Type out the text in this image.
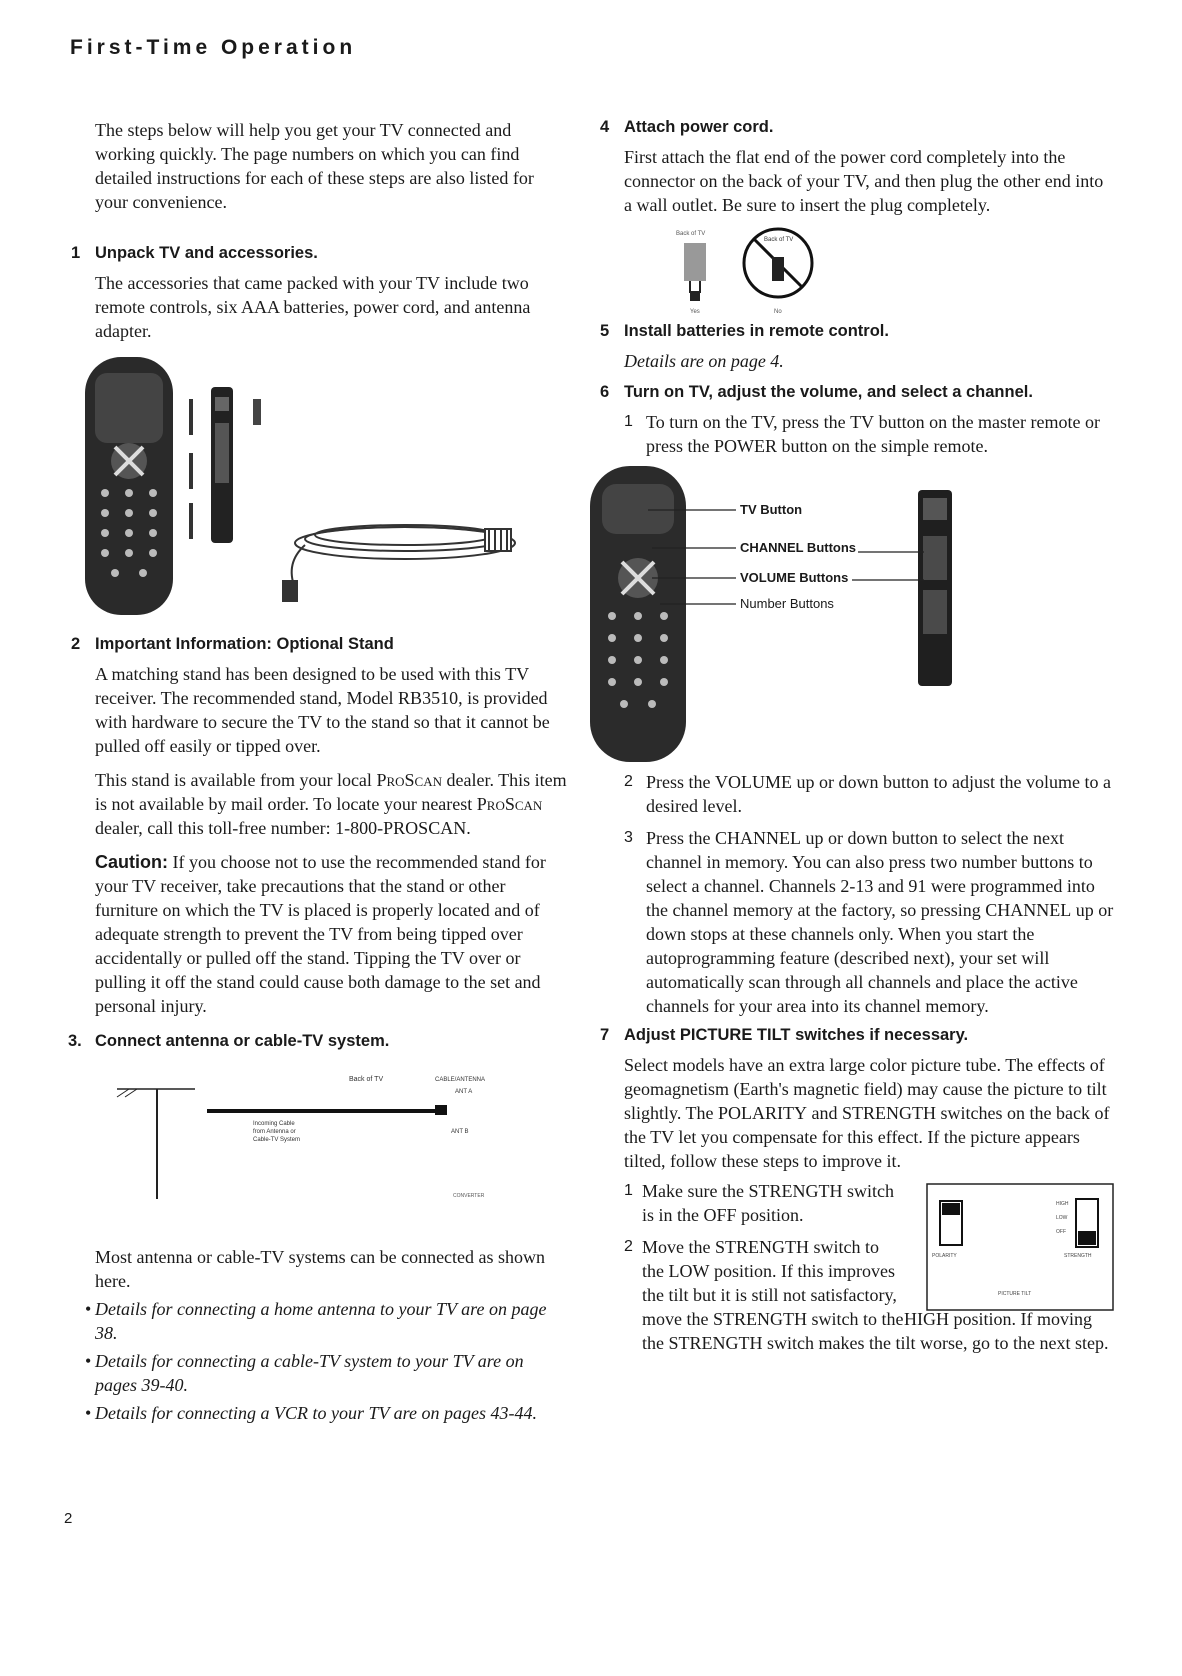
First-Time Operation

The steps below will help you get your TV connected and working quickly. The page numbers on which you can find detailed instructions for each of these steps are also listed for your convenience.

1 Unpack TV and accessories.

The accessories that came packed with your TV include two remote controls, six AAA batteries, power cord, and antenna adapter.

2 Important Information: Optional Stand

A matching stand has been designed to be used with this TV receiver. The recommended stand, Model RB3510, is provided with hardware to secure the TV to the stand so that it cannot be pulled off easily or tipped over.

This stand is available from your local ProScan dealer. This item is not available by mail order. To locate your nearest ProScan dealer, call this toll-free number: 1-800-PROSCAN.

Caution: If you choose not to use the recommended stand for your TV receiver, take precautions that the stand or other furniture on which the TV is placed is properly located and of adequate strength to prevent the TV from being tipped over accidentally or pulled off the stand. Tipping the TV over or pulling it off the stand could cause both damage to the set and personal injury.

3. Connect antenna or cable-TV system.
Back of TV	CABLE/ANTENNA
ANT A
ANT B
Incoming Cable
from Antenna or
Cable-TV System
CONVERTER

Most antenna or cable-TV systems can be connected as shown here.

• Details for connecting a home antenna to your TV are on page 38.
• Details for connecting a cable-TV system to your TV are on pages 39-40.
• Details for connecting a VCR to your TV are on pages 43-44.
4 Attach power cord.

First attach the flat end of the power cord completely into the connector on the back of your TV, and then plug the other end into a wall outlet. Be sure to insert the plug completely.

Back of TV
Yes
Back of TV
No
5 Install batteries in remote control.

Details are on page 4.

6 Turn on TV, adjust the volume, and select a channel.
1 To turn on the TV, press the TV button on the master remote or press the POWER button on the simple remote.
TV Button
CHANNEL Buttons
VOLUME Buttons
Number Buttons
2 Press the VOLUME up or down button to adjust the volume to a desired level.
3 Press the CHANNEL up or down button to select the next channel in memory. You can also press two number buttons to select a channel. Channels 2-13 and 91 were programmed into the channel memory at the factory, so pressing CHANNEL up or down stops at these channels only. When you start the autoprogramming feature (described next), your set will automatically scan through all channels and place the active channels for your area into its channel memory.
7 Adjust PICTURE TILT switches if necessary.

Select models have an extra large color picture tube. The effects of geomagnetism (Earth's magnetic field) may cause the picture to tilt slightly. The POLARITY and STRENGTH switches on the back of the TV let you compensate for this effect. If the picture appears tilted, follow these steps to improve it.

HIGH
LOW
OFF
POLARITY	STRENGTH
PICTURE TILT
1 Make sure the STRENGTH switch is in the OFF position.
2 Move the STRENGTH switch to the LOW position. If this improves the tilt but it is still not satisfactory, move the STRENGTH switch to theHIGH position. If moving the STRENGTH switch makes the tilt worse, go to the next step.
2
